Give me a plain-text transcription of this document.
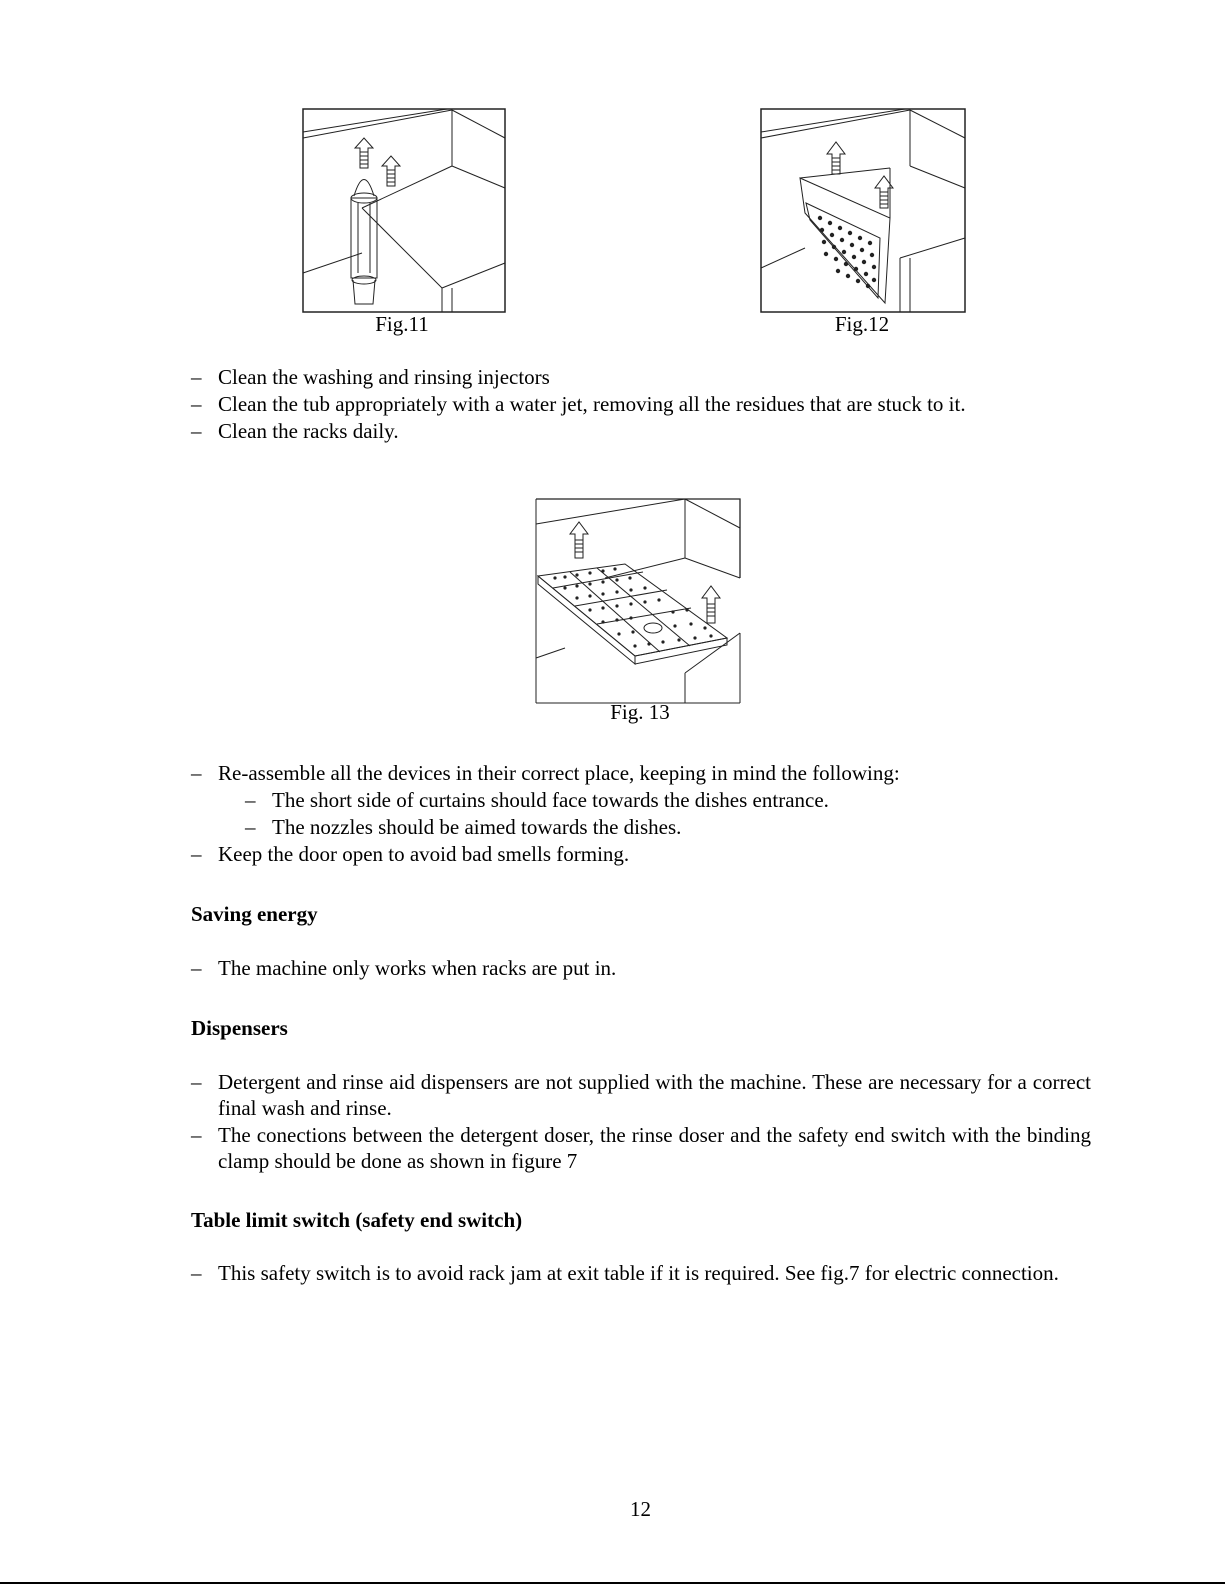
Fig.11	Fig.12
– Clean the washing and rinsing injectors
– Clean the tub appropriately with a water jet, removing all the residues that are stuck to it.
– Clean the racks daily.
Fig. 13
– Re-assemble all the devices in their correct place, keeping in mind the following:
– The short side of curtains should face towards the dishes entrance.
– The nozzles should be aimed towards the dishes.
– Keep the door open to avoid bad smells forming.
Saving energy
– The machine only works when racks are put in.
Dispensers
– Detergent and rinse aid dispensers are not supplied with the machine. These are necessary for a correct final wash and rinse.
– The conections between the detergent doser, the rinse doser and the safety end switch with the binding clamp should be done as shown in figure 7
Table limit switch (safety end switch)
– This safety switch is to avoid rack jam at exit table if it is required. See fig.7 for electric connection.
12
